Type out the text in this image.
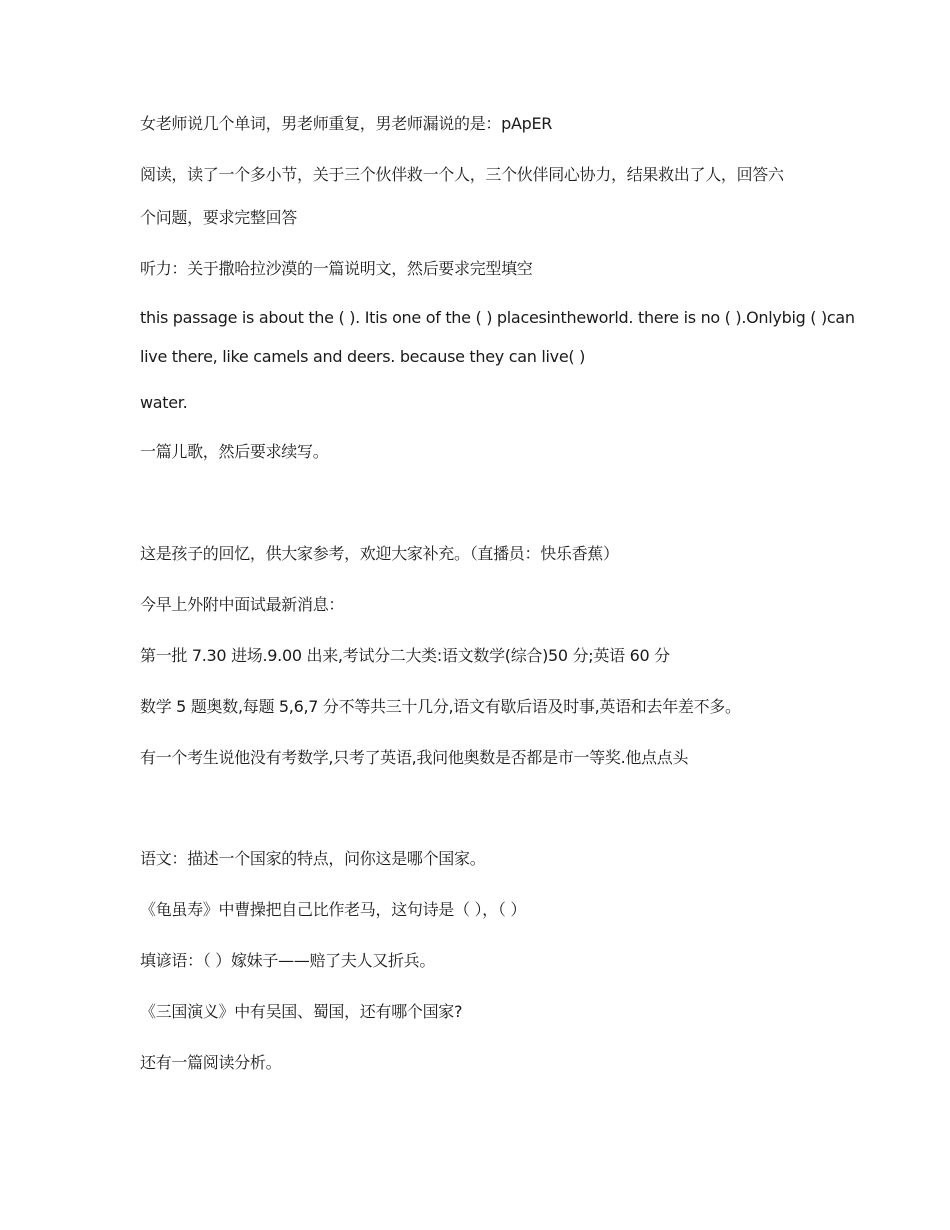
女老师说几个单词，男老师重复，男老师漏说的是：pApER
阅读，读了一个多小节，关于三个伙伴救一个人，三个伙伴同心协力，结果救出了人，回答六
个问题，要求完整回答
听力：关于撒哈拉沙漠的一篇说明文，然后要求完型填空
this passage is about the ( ). Itis one of the ( ) placesintheworld. there is no ( ).Onlybig ( )can
live there, like camels and deers. because they can live( )
water.
一篇儿歌，然后要求续写。
这是孩子的回忆，供大家参考，欢迎大家补充。（直播员：快乐香蕉）
今早上外附中面试最新消息：
第一批 7.30 进场.9.00 出来,考试分二大类:语文数学(综合)50 分;英语 60 分
数学 5 题奥数,每题 5,6,7 分不等共三十几分,语文有歇后语及时事,英语和去年差不多。
有一个考生说他没有考数学,只考了英语,我问他奥数是否都是市一等奖.他点点头
语文：描述一个国家的特点，问你这是哪个国家。
《龟虽寿》中曹操把自己比作老马，这句诗是（ ），（ ）
填谚语：（ ）嫁妹子——赔了夫人又折兵。
《三国演义》中有吴国、蜀国，还有哪个国家?
还有一篇阅读分析。
